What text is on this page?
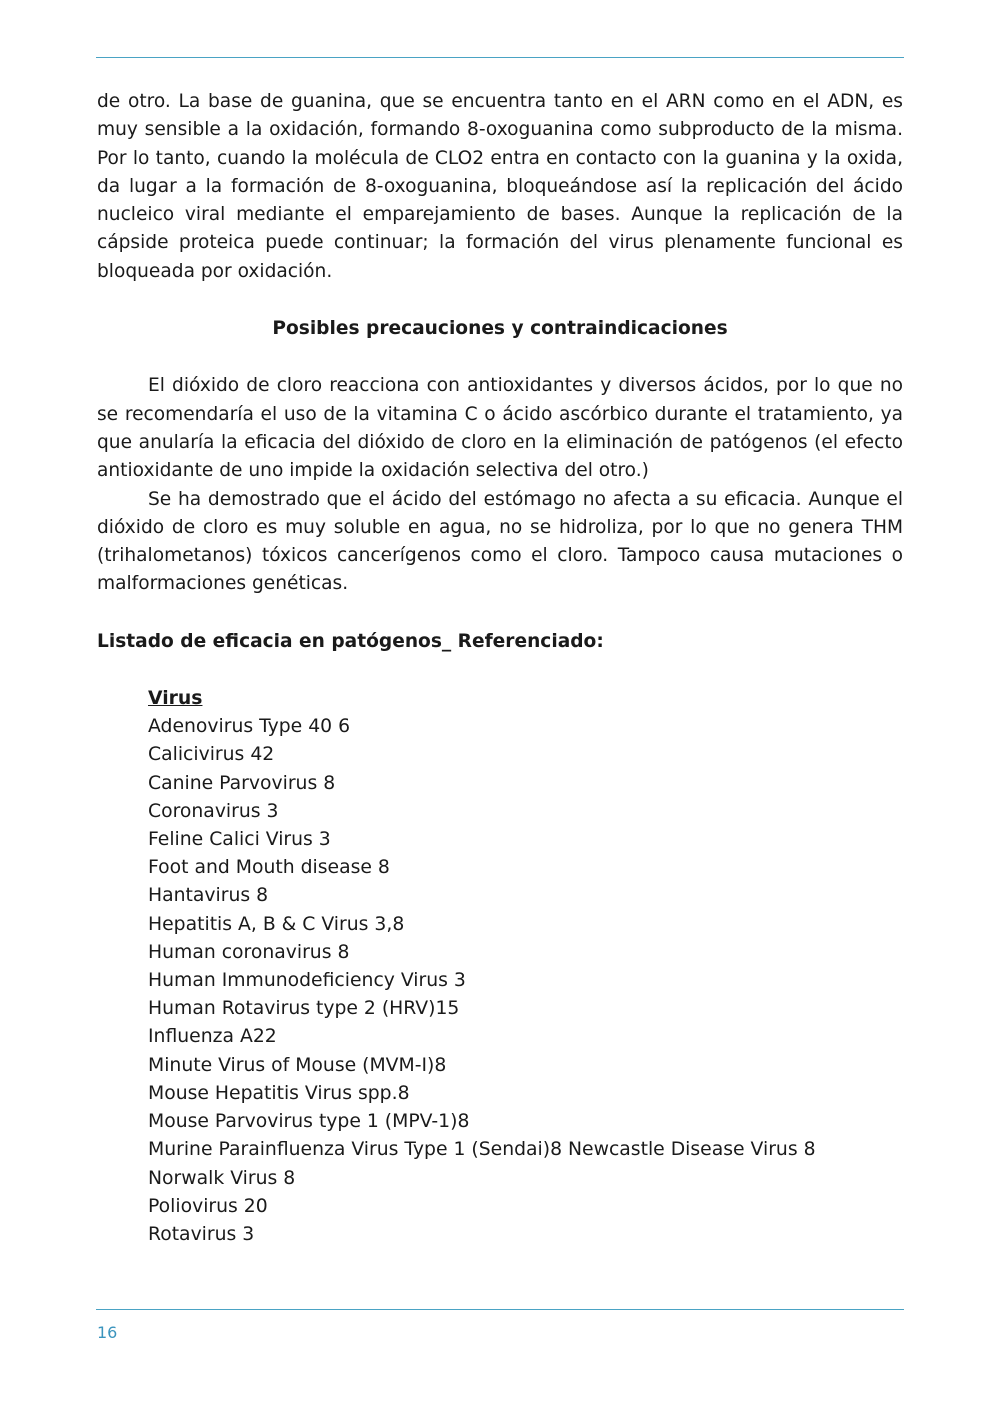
de otro. La base de guanina, que se encuentra tanto en el ARN como en el ADN, es muy sensible a la oxidación, formando 8-oxoguanina como subproducto de la misma. Por lo tanto, cuando la molécula de CLO2 entra en contacto con la guanina y la oxida, da lugar a la formación de 8-oxoguanina, bloqueándose así la replicación del ácido nucleico viral mediante el emparejamiento de bases. Aunque la replicación de la cápside proteica puede continuar; la formación del virus plenamente funcional es bloqueada por oxidación.

Posibles precauciones y contraindicaciones

El dióxido de cloro reacciona con antioxidantes y diversos ácidos, por lo que no se recomendaría el uso de la vitamina C o ácido ascórbico durante el tratamiento, ya que anularía la eficacia del dióxido de cloro en la eliminación de patógenos (el efecto antioxidante de uno impide la oxidación selectiva del otro.)

Se ha demostrado que el ácido del estómago no afecta a su eficacia. Aunque el dióxido de cloro es muy soluble en agua, no se hidroliza, por lo que no genera THM (trihalometanos) tóxicos cancerígenos como el cloro. Tampoco causa mutaciones o malformaciones genéticas.

Listado de eficacia en patógenos_ Referenciado:
Virus
Adenovirus Type 40 6
Calicivirus 42
Canine Parvovirus 8
Coronavirus 3
Feline Calici Virus 3
Foot and Mouth disease 8
Hantavirus 8
Hepatitis A, B & C Virus 3,8
Human coronavirus 8
Human Immunodeficiency Virus 3
Human Rotavirus type 2 (HRV)15
Influenza A22
Minute Virus of Mouse (MVM-I)8
Mouse Hepatitis Virus spp.8
Mouse Parvovirus type 1 (MPV-1)8
Murine Parainfluenza Virus Type 1 (Sendai)8 Newcastle Disease Virus 8
Norwalk Virus 8
Poliovirus 20
Rotavirus 3
16
